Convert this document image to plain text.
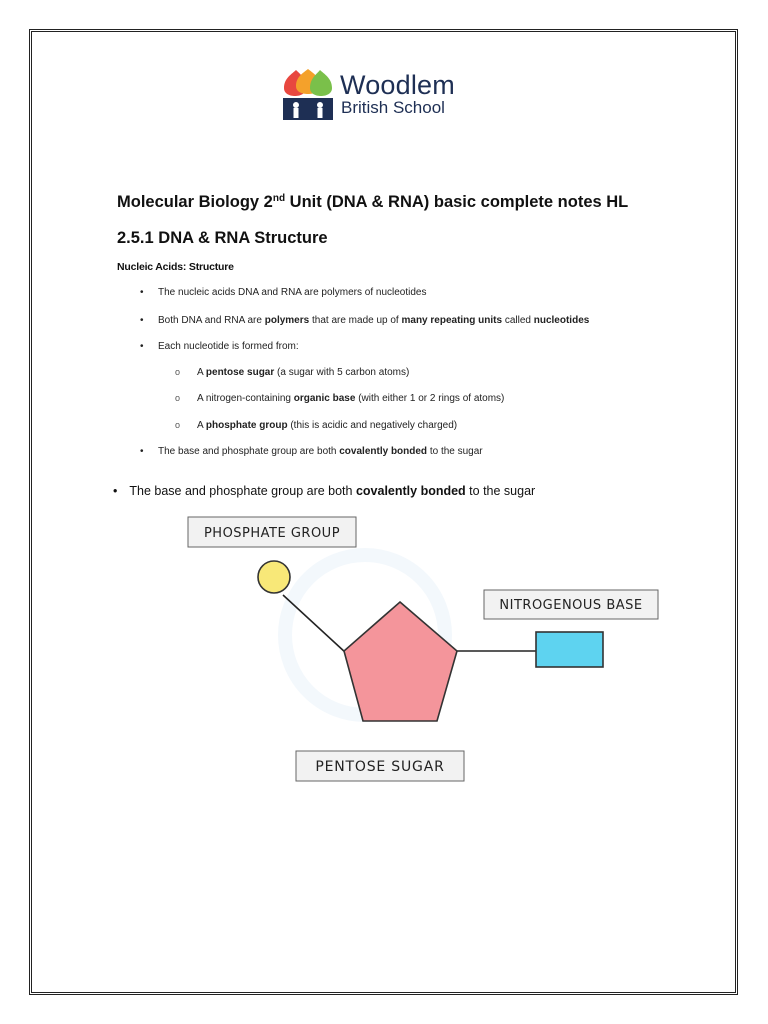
Woodlem
British School
Molecular Biology 2nd Unit (DNA & RNA) basic complete notes HL
2.5.1 DNA & RNA Structure
Nucleic Acids: Structure
• The nucleic acids DNA and RNA are polymers of nucleotides
• Both DNA and RNA are polymers that are made up of many repeating units called nucleotides
• Each nucleotide is formed from:
o A pentose sugar (a sugar with 5 carbon atoms)
o A nitrogen-containing organic base (with either 1 or 2 rings of atoms)
o A phosphate group (this is acidic and negatively charged)
• The base and phosphate group are both covalently bonded to the sugar
• The base and phosphate group are both covalently bonded to the sugar
PHOSPHATE GROUP
NITROGENOUS BASE
PENTOSE SUGAR
